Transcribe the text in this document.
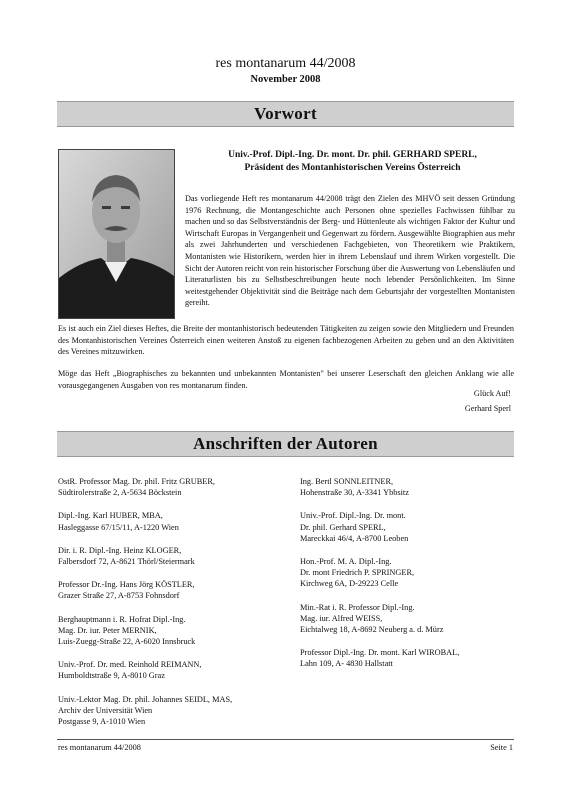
res montanarum 44/2008
November 2008
Vorwort
Univ.-Prof. Dipl.-Ing. Dr. mont. Dr. phil. GERHARD SPERL,
Präsident des Montanhistorischen Vereins Österreich

Das vorliegende Heft res montanarum 44/2008 trägt den Zielen des MHVÖ seit dessen Gründung 1976 Rechnung, die Montangeschichte auch Personen ohne spezielles Fachwissen fühlbar zu machen und so das Selbstverständnis der Berg- und Hüttenleute als wichtigen Faktor der Kultur und Wirtschaft Europas in Vergangenheit und Gegenwart zu fördern. Ausgewählte Biographien aus mehr als zwei Jahrhunderten und verschiedenen Fachgebieten, von Theoretikern wie Praktikern, Montanisten wie Historikern, werden hier in ihrem Lebenslauf und ihrem Wirken vorgestellt. Die Sicht der Autoren reicht von rein historischer Forschung über die Auswertung von Lebensläufen und Literaturlisten bis zu Selbstbeschreibungen heute noch lebender Persönlichkeiten. Im Sinne weitestgehender Objektivität sind die Beiträge nach dem Geburtsjahr der vorgestellten Montanisten gereiht.

Es ist auch ein Ziel dieses Heftes, die Breite der montanhistorisch bedeutenden Tätigkeiten zu zeigen sowie den Mitgliedern und Freunden des Montanhistorischen Vereines Österreich einen weiteren Anstoß zu eigenen fachbezogenen Arbeiten zu geben und an den Aktivitäten des Vereines mitzuwirken.

Möge das Heft „Biographisches zu bekannten und unbekannten Montanisten" bei unserer Leserschaft den gleichen Anklang wie alle vorausgegangenen Ausgaben von res montanarum finden.

Glück Auf!
Gerhard Sperl
Anschriften der Autoren
OstR. Professor Mag. Dr. phil. Fritz GRUBER,
Südtirolerstraße 2, A-5634 Böckstein
Dipl.-Ing. Karl HUBER, MBA,
Hasleggasse 67/15/11, A-1220 Wien
Dir. i. R. Dipl.-Ing. Heinz KLOGER,
Falbersdorf 72, A-8621 Thörl/Steiermark
Professor Dr.-Ing. Hans Jörg KÖSTLER,
Grazer Straße 27, A-8753 Fohnsdorf
Berghauptmann i. R. Hofrat Dipl.-Ing.
Mag. Dr. iur. Peter MERNIK,
Luis-Zuegg-Straße 22, A-6020 Innsbruck
Univ.-Prof. Dr. med. Reinhold REIMANN,
Humboldtstraße 9, A-8010 Graz
Univ.-Lektor Mag. Dr. phil. Johannes SEIDL, MAS,
Archiv der Universität Wien
Postgasse 9, A-1010 Wien
Ing. Bertl SONNLEITNER,
Hohenstraße 30, A-3341 Ybbsitz
Univ.-Prof. Dipl.-Ing. Dr. mont.
Dr. phil. Gerhard SPERL,
Mareckkai 46/4, A-8700 Leoben
Hon.-Prof. M. A. Dipl.-Ing.
Dr. mont Friedrich P. SPRINGER,
Kirchweg 6A, D-29223 Celle
Min.-Rat i. R. Professor Dipl.-Ing.
Mag. iur. Alfred WEISS,
Eichtalweg 18, A-8692 Neuberg a. d. Mürz
Professor Dipl.-Ing. Dr. mont. Karl WIROBAL,
Lahn 109, A- 4830 Hallstatt
res montanarum 44/2008	Seite 1
